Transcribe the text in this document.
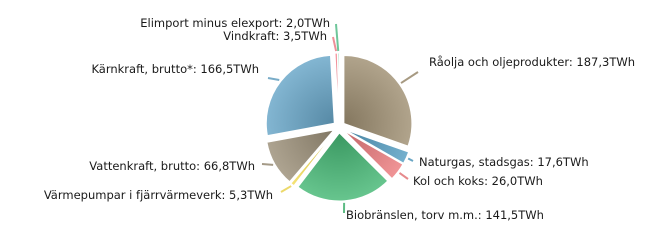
Råolja och oljeprodukter: 187,3TWh
Naturgas, stadsgas: 17,6TWh
Kol och koks: 26,0TWh
Biobränslen, torv m.m.: 141,5TWh
Värmepumpar i fjärrvärmeverk: 5,3TWh
Vattenkraft, brutto: 66,8TWh
Kärnkraft, brutto*: 166,5TWh
Vindkraft: 3,5TWh
Elimport minus elexport: 2,0TWh
